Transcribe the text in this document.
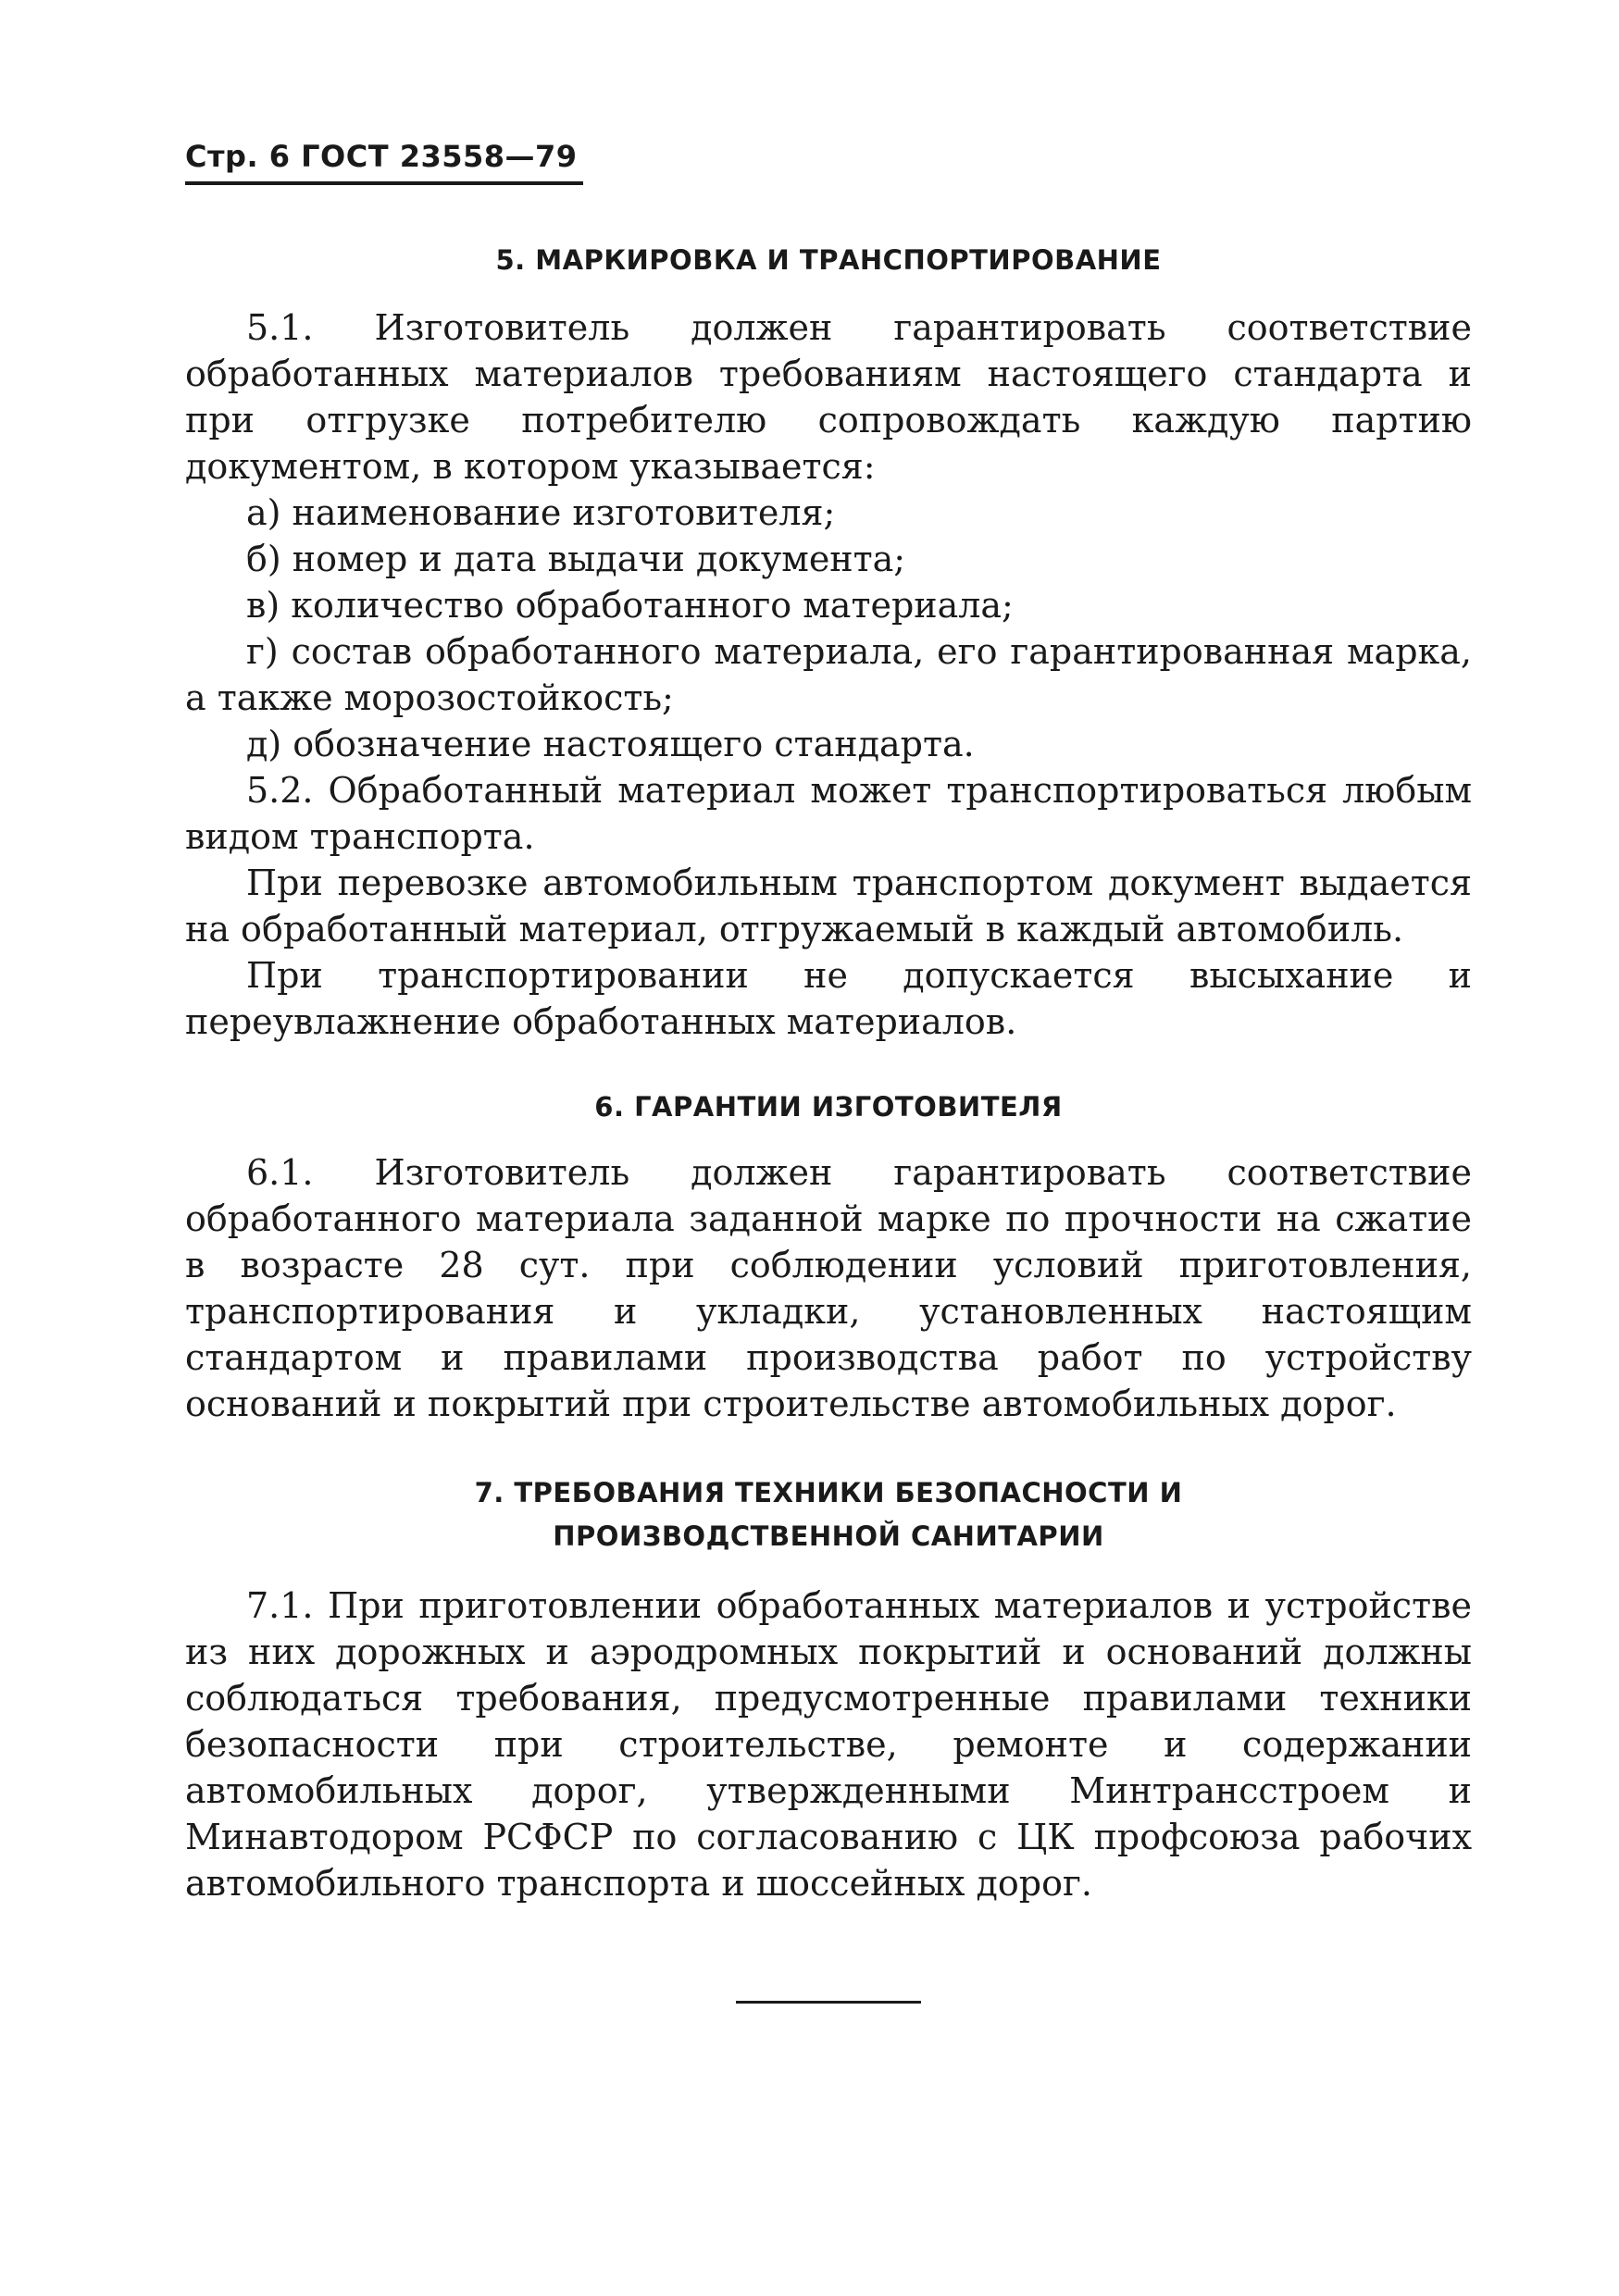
Стр. 6 ГОСТ 23558—79
5. МАРКИРОВКА И ТРАНСПОРТИРОВАНИЕ

5.1. Изготовитель должен гарантировать соответствие обработанных материалов требованиям настоящего стандарта и при отгрузке потребителю сопровождать каждую партию документом, в котором указывается:

а) наименование изготовителя;

б) номер и дата выдачи документа;

в) количество обработанного материала;

г) состав обработанного материала, его гарантированная марка, а также морозостойкость;

д) обозначение настоящего стандарта.

5.2. Обработанный материал может транспортироваться любым видом транспорта.

При перевозке автомобильным транспортом документ выдается на обработанный материал, отгружаемый в каждый автомобиль.

При транспортировании не допускается высыхание и переувлажнение обработанных материалов.

6. ГАРАНТИИ ИЗГОТОВИТЕЛЯ

6.1. Изготовитель должен гарантировать соответствие обработанного материала заданной марке по прочности на сжатие в возрасте 28 сут. при соблюдении условий приготовления, транспортирования и укладки, установленных настоящим стандартом и правилами производства работ по устройству оснований и покрытий при строительстве автомобильных дорог.

7. ТРЕБОВАНИЯ ТЕХНИКИ БЕЗОПАСНОСТИ И
ПРОИЗВОДСТВЕННОЙ САНИТАРИИ

7.1. При приготовлении обработанных материалов и устройстве из них дорожных и аэродромных покрытий и оснований должны соблюдаться требования, предусмотренные правилами техники безопасности при строительстве, ремонте и содержании автомобильных дорог, утвержденными Минтрансстроем и Минавтодором РСФСР по согласованию с ЦК профсоюза рабочих автомобильного транспорта и шоссейных дорог.
